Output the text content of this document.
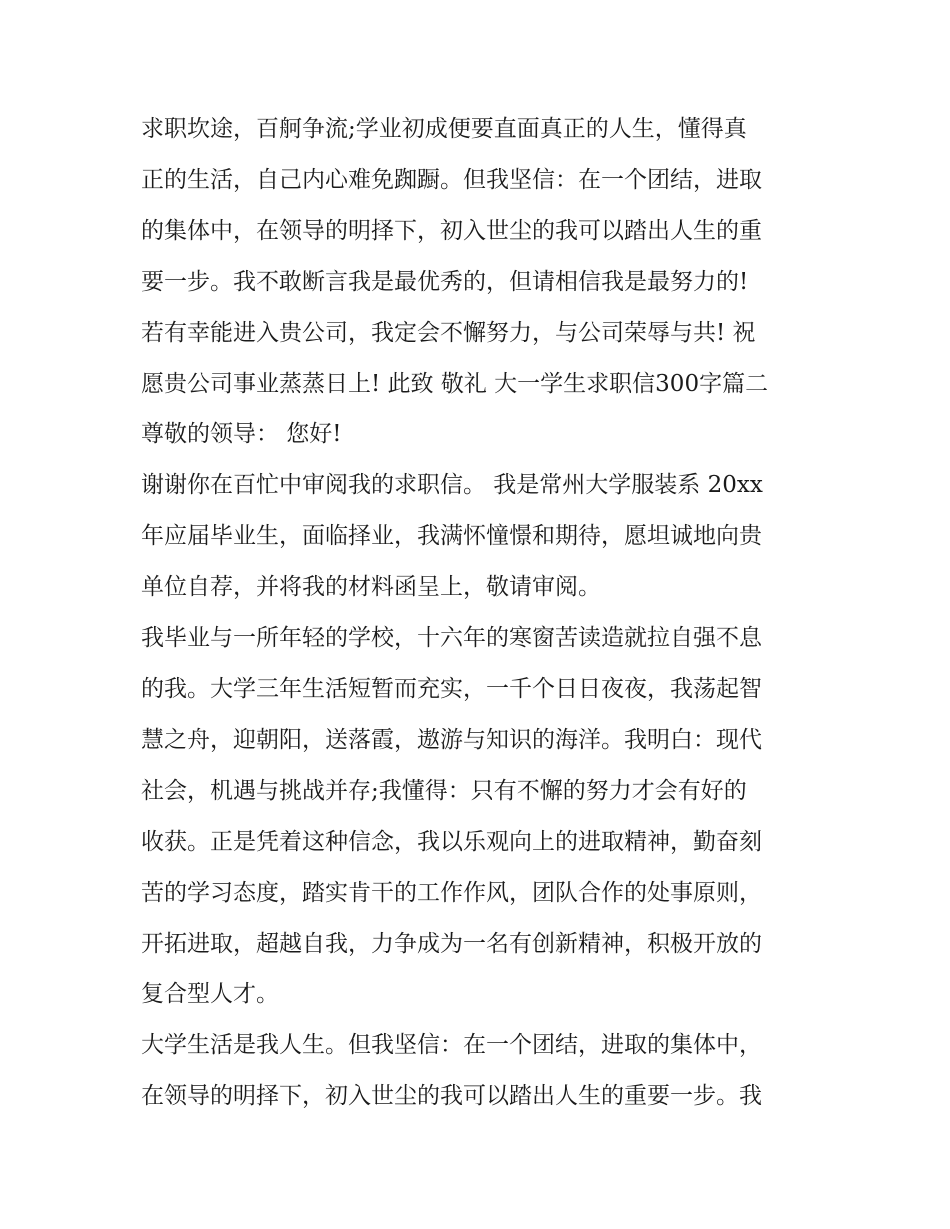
求职坎途，百舸争流;学业初成便要直面真正的人生，懂得真
正的生活，自己内心难免踟蹰。但我坚信：在一个团结，进取
的集体中，在领导的明择下，初入世尘的我可以踏出人生的重
要一步。我不敢断言我是最优秀的，但请相信我是最努力的!
若有幸能进入贵公司，我定会不懈努力，与公司荣辱与共! 祝
愿贵公司事业蒸蒸日上! 此致 敬礼 大一学生求职信300字篇二
尊敬的领导： 您好!
谢谢你在百忙中审阅我的求职信。 我是常州大学服装系 20xx
年应届毕业生，面临择业，我满怀憧憬和期待，愿坦诚地向贵
单位自荐，并将我的材料函呈上，敬请审阅。
我毕业与一所年轻的学校，十六年的寒窗苦读造就拉自强不息
的我。大学三年生活短暂而充实，一千个日日夜夜，我荡起智
慧之舟，迎朝阳，送落霞，遨游与知识的海洋。我明白：现代
社会，机遇与挑战并存;我懂得：只有不懈的努力才会有好的
收获。正是凭着这种信念，我以乐观向上的进取精神，勤奋刻
苦的学习态度，踏实肯干的工作作风，团队合作的处事原则，
开拓进取，超越自我，力争成为一名有创新精神，积极开放的
复合型人才。
大学生活是我人生。但我坚信：在一个团结，进取的集体中，
在领导的明择下，初入世尘的我可以踏出人生的重要一步。我
